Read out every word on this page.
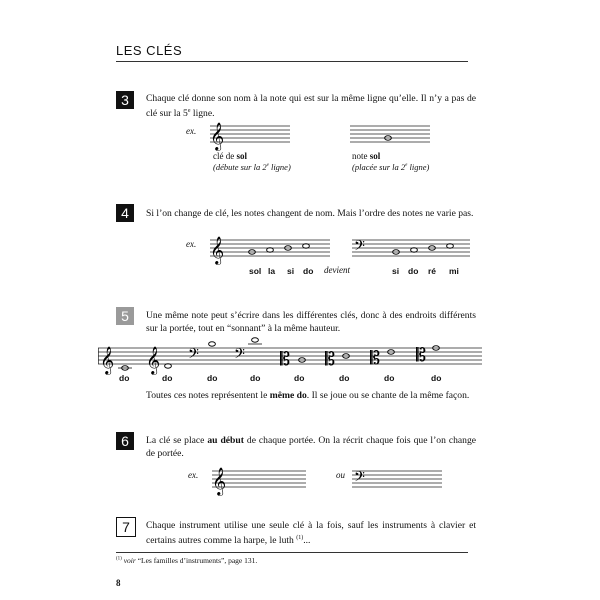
LES CLÉS
3	Chaque clé donne son nom à la note qui est sur la même ligne qu’elle. Il n’y a pas de clé sur la 5e ligne.
ex. 𝄞
clé de sol
(débute sur la 2e ligne)
note sol
(placée sur la 2e ligne)
4	Si l’on change de clé, les notes changent de nom. Mais l’ordre des notes ne varie pas.
ex. 𝄞	𝄢
sol la si do devient	si do ré mi
5	Une même note peut s’écrire dans les différentes clés, donc à des endroits différents sur la portée, tout en “sonnant” à la même hauteur.
𝄞 𝄞 𝄢 𝄢 𝄡 𝄡 𝄡 𝄡
do	do	do	do	do	do	do	do
Toutes ces notes représentent le même do. Il se joue ou se chante de la même façon.
6	La clé se place au début de chaque portée. On la récrit chaque fois que l’on change de portée.
ex. 𝄞	ou 𝄢
7	Chaque instrument utilise une seule clé à la fois, sauf les instruments à clavier et certains autres comme la harpe, le luth $^{(1)}$...
$^{(1)}$ voir “Les familles d’instruments”, page 131.
8
